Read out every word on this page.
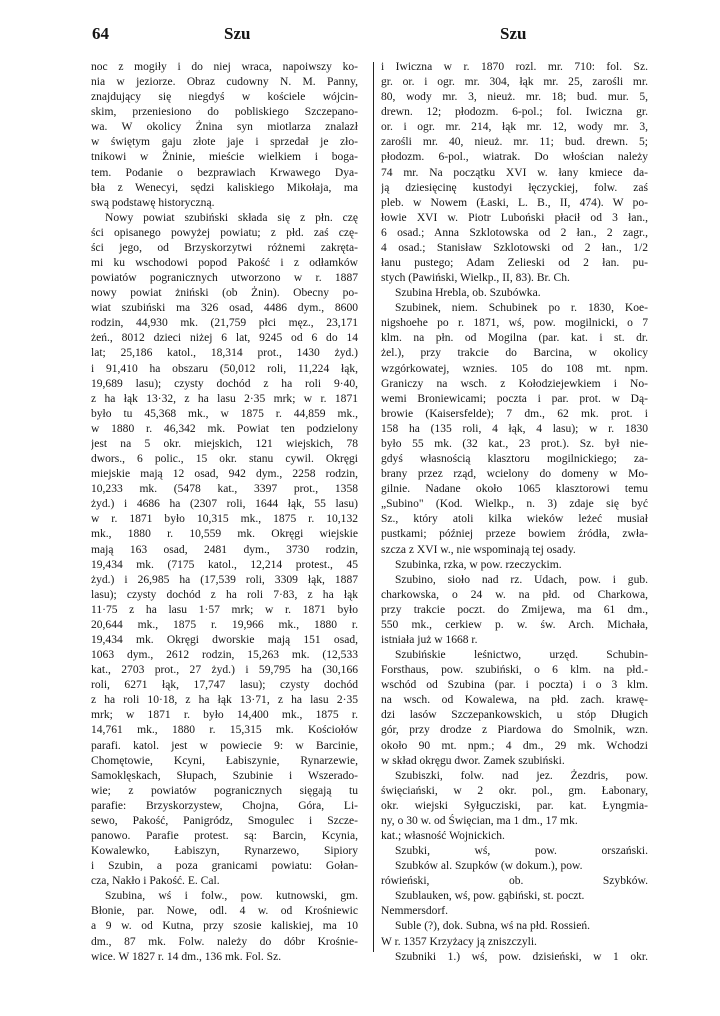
64	Szu	Szu
noc z mogiły i do niej wraca, napoiwszy ko-
nia w jeziorze. Obraz cudowny N. M. Panny,
znajdujący się niegdyś w kościele wójcin-
skim, przeniesiono do pobliskiego Szczepano-
wa. W okolicy Żnina syn miotlarza znalazł
w świętym gaju złote jaje i sprzedał je zło-
tnikowi w Żninie, mieście wielkiem i boga-
tem. Podanie o bezprawiach Krwawego Dya-
bła z Wenecyi, sędzi kaliskiego Mikołaja, ma
swą podstawę historyczną.
Nowy powiat szubiński składa się z płn. czę
ści opisanego powyżej powiatu; z płd. zaś czę-
ści jego, od Brzyskorzytwi różnemi zakręta-
mi ku wschodowi popod Pakość i z odłamków
powiatów pogranicznych utworzono w r. 1887
nowy powiat żniński (ob Żnin). Obecny po-
wiat szubiński ma 326 osad, 4486 dym., 8600
rodzin, 44,930 mk. (21,759 płci męz., 23,171
żeń., 8012 dzieci niżej 6 lat, 9245 od 6 do 14
lat; 25,186 katol., 18,314 prot., 1430 żyd.)
i 91,410 ha obszaru (50,012 roli, 11,224 łąk,
19,689 lasu); czysty dochód z ha roli 9·40,
z ha łąk 13·32, z ha lasu 2·35 mrk; w r. 1871
było tu 45,368 mk., w 1875 r. 44,859 mk.,
w 1880 r. 46,342 mk. Powiat ten podzielony
jest na 5 okr. miejskich, 121 wiejskich, 78
dwors., 6 polic., 15 okr. stanu cywil. Okręgi
miejskie mają 12 osad, 942 dym., 2258 rodzin,
10,233 mk. (5478 kat., 3397 prot., 1358
żyd.) i 4686 ha (2307 roli, 1644 łąk, 55 lasu)
w r. 1871 było 10,315 mk., 1875 r. 10,132
mk., 1880 r. 10,559 mk. Okręgi wiejskie
mają 163 osad, 2481 dym., 3730 rodzin,
19,434 mk. (7175 katol., 12,214 protest., 45
żyd.) i 26,985 ha (17,539 roli, 3309 łąk, 1887
lasu); czysty dochód z ha roli 7·83, z ha łąk
11·75 z ha lasu 1·57 mrk; w r. 1871 było
20,644 mk., 1875 r. 19,966 mk., 1880 r.
19,434 mk. Okręgi dworskie mają 151 osad,
1063 dym., 2612 rodzin, 15,263 mk. (12,533
kat., 2703 prot., 27 żyd.) i 59,795 ha (30,166
roli, 6271 łąk, 17,747 lasu); czysty dochód
z ha roli 10·18, z ha łąk 13·71, z ha lasu 2·35
mrk; w 1871 r. było 14,400 mk., 1875 r.
14,761 mk., 1880 r. 15,315 mk. Kościołów
parafi. katol. jest w powiecie 9: w Barcinie,
Chomętowie, Kcyni, Łabiszynie, Rynarzewie,
Samoklęskach, Słupach, Szubinie i Wszerado-
wie; z powiatów pogranicznych sięgają tu
parafie: Brzyskorzystew, Chojna, Góra, Li-
sewo, Pakość, Panigródz, Smogulec i Szcze-
panowo. Parafie protest. są: Barcin, Kcynia,
Kowalewko, Łabiszyn, Rynarzewo, Sipiory
i Szubin, a poza granicami powiatu: Gołan-
cza, Nakło i Pakość. E. Cal.
Szubina, wś i folw., pow. kutnowski, gm.
Błonie, par. Nowe, odl. 4 w. od Krośniewic
a 9 w. od Kutna, przy szosie kaliskiej, ma 10
dm., 87 mk. Folw. należy do dóbr Krośnie-
wice. W 1827 r. 14 dm., 136 mk. Fol. Sz.
i Iwiczna w r. 1870 rozl. mr. 710: fol. Sz.
gr. or. i ogr. mr. 304, łąk mr. 25, zarośli mr.
80, wody mr. 3, nieuż. mr. 18; bud. mur. 5,
drewn. 12; płodozm. 6-pol.; fol. Iwiczna gr.
or. i ogr. mr. 214, łąk mr. 12, wody mr. 3,
zarośli mr. 40, nieuż. mr. 11; bud. drewn. 5;
płodozm. 6-pol., wiatrak. Do włościan należy
74 mr. Na początku XVI w. łany kmiece da-
ją dziesięcinę kustodyi łęczyckiej, folw. zaś
pleb. w Nowem (Łaski, L. B., II, 474). W po-
łowie XVI w. Piotr Luboński płacił od 3 łan.,
6 osad.; Anna Szklotowska od 2 łan., 2 zagr.,
4 osad.; Stanisław Szklotowski od 2 łan., 1/2
łanu pustego; Adam Zelieski od 2 łan. pu-
stych (Pawiński, Wielkp., II, 83). Br. Ch.
Szubina Hrebla, ob. Szubówka.
Szubinek, niem. Schubinek po r. 1830, Koe-
nigshoehe po r. 1871, wś, pow. mogilnicki, o 7
klm. na płn. od Mogilna (par. kat. i st. dr.
żel.), przy trakcie do Barcina, w okolicy
wzgórkowatej, wznies. 105 do 108 mt. npm.
Graniczy na wsch. z Kołodziejewkiem i No-
wemi Broniewicami; poczta i par. prot. w Dą-
browie (Kaisersfelde); 7 dm., 62 mk. prot. i
158 ha (135 roli, 4 łąk, 4 lasu); w r. 1830
było 55 mk. (32 kat., 23 prot.). Sz. był nie-
gdyś własnością klasztoru mogilnickiego; za-
brany przez rząd, wcielony do domeny w Mo-
gilnie. Nadane około 1065 klasztorowi temu
„Subino" (Kod. Wielkp., n. 3) zdaje się być
Sz., który atoli kilka wieków leżeć musiał
pustkami; później przeze bowiem źródła, zwła-
szcza z XVI w., nie wspominają tej osady.
Szubinka, rzka, w pow. rzeczyckim.
Szubino, sioło nad rz. Udach, pow. i gub.
charkowska, o 24 w. na płd. od Charkowa,
przy trakcie poczt. do Zmijewa, ma 61 dm.,
550 mk., cerkiew p. w. św. Arch. Michała,
istniała już w 1668 r.
Szubińskie leśnictwo, urzęd. Schubin-
Forsthaus, pow. szubiński, o 6 klm. na płd.-
wschód od Szubina (par. i poczta) i o 3 klm.
na wsch. od Kowalewa, na płd. zach. krawę-
dzi lasów Szczepankowskich, u stóp Długich
gór, przy drodze z Piardowa do Smolnik, wzn.
około 90 mt. npm.; 4 dm., 29 mk. Wchodzi
w skład okręgu dwor. Zamek szubiński.
Szubiszki, folw. nad jez. Żezdris, pow.
święciański, w 2 okr. pol., gm. Łabonary,
okr. wiejski Syłgucziski, par. kat. Łyngmia-
ny, o 30 w. od Święcian, ma 1 dm., 17 mk.
kat.; własność Wojnickich.
Szubki, wś, pow. orszański.
Szubków al. Szupków (w dokum.), pow.
rówieński, ob. Szybków.
Szublauken, wś, pow. gąbiński, st. poczt.
Nemmersdorf.
Suble (?), dok. Subna, wś na płd. Rossień.
W r. 1357 Krzyżacy ją zniszczyli.
Szubniki 1.) wś, pow. dzisieński, w 1 okr.
